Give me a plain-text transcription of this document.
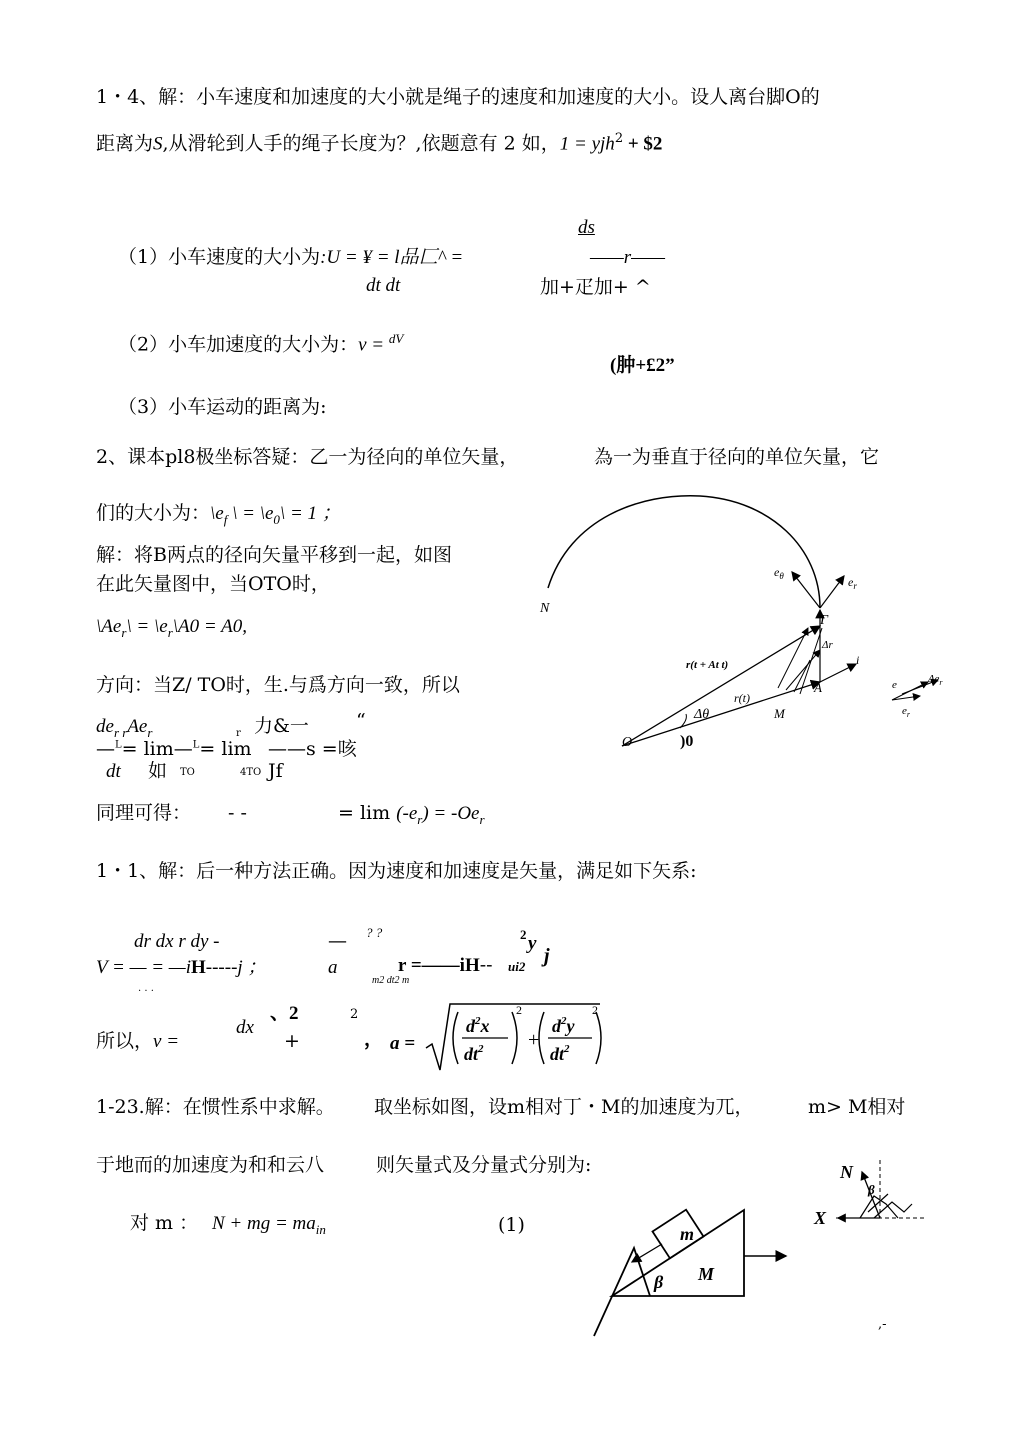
1・4、解：小车速度和加速度的大小就是绳子的速度和加速度的大小。设人离台脚O的
距离为S,从滑轮到人手的绳子长度为？,依题意有 2 如，1 = yjh$^2$ + $2
ds
（1）小车速度的大小为:U = ¥ = l品匚^ =	——r——
dt dt	加+疋加+ ^
（2）小车加速度的大小为：v = $^{dV}$
(肿+£2”
（3）小车运动的距离为:
2、课本pl8极坐标答疑：乙一为径向的单位矢量，	為一为垂直于径向的单位矢量，它
们的大小为：$\backslash e_f$ \ = $\backslash e_0\backslash = 1$ ；
解：将B两点的径向矢量平移到一起，如图
在此矢量图中，当OTO时，
$\backslash Ae_r\backslash$ = $\backslash e_r\backslash A0 = A0$,
方向：当Z/ TO时，生.与爲方向一致，所以
$de_{r r}Ae_r$	r 力&一 “
—$^L$= lim—$^L$= lim ——s =咳
dt 如 TO	4TO Jf
同理可得： - -	= $\lim (-e_r) = -Oe_r$
N
O	)0
Δθ
r(t)
r(t + At t)
M
A
Γ
$e_\theta$	$e_r$
Δr
i
e	$\Delta e_r$
$e_r$
1・1、解：后一种方法正确。因为速度和加速度是矢量，满足如下矢系:
dr dx r dy -
V = — = —iH-----j ；
. . .
— ? ?
a	r =——iH--
2 y
j
m2 dt2 m
ui2
所以，v =
dx
、2
+
2
， a =	+
$d^2x$
$dt^2$
$d^2y$
$dt^2$
2	2
1-23.解：在惯性系中求解。 取坐标如图，设m相对丁・M的加速度为兀，	m> M相对
于地而的加速度为和和云八	则矢量式及分量式分别为:
对 m ： N + mg = $ma_{in}$	(1)	m
β M
N
β
X
,-
